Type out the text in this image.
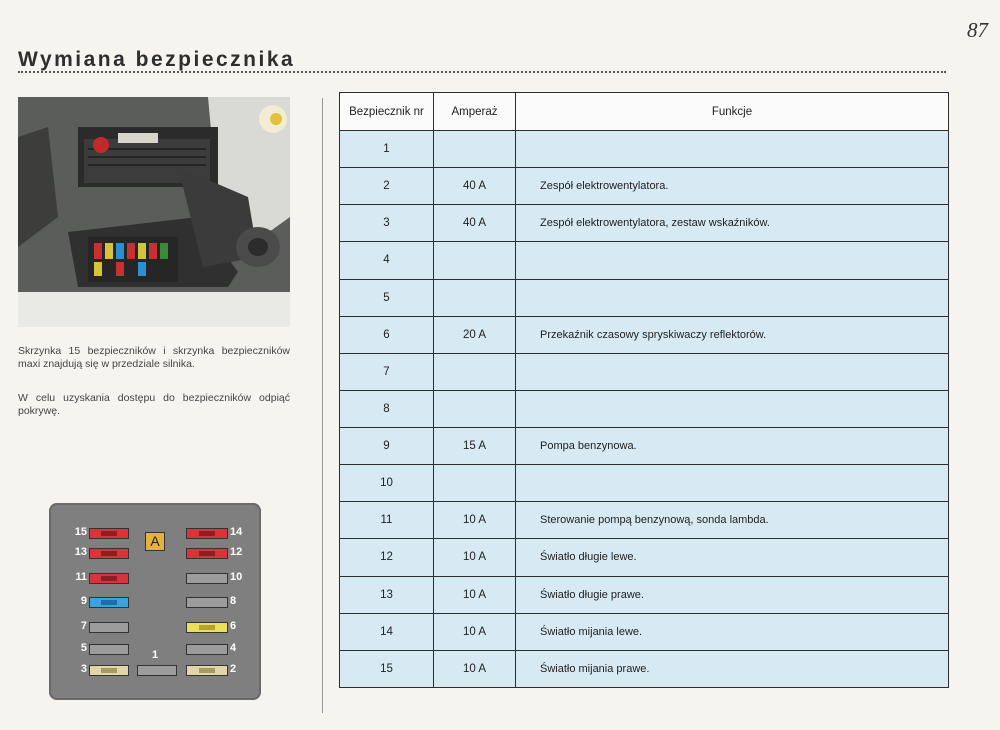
87
Wymiana bezpiecznika
Skrzynka 15 bezpieczników i skrzynka bezpieczników maxi znajdują się w przedziale silnika.
W celu uzyskania dostępu do bezpieczników odpiąć pokrywę.
A
1
15
13
11
9
7
5
3
14
12
10
8
6
4
2
Bezpiecznik nr	Amperaż	Funkcje
1		
2	40 A	Zespół elektrowentylatora.
3	40 A	Zespół elektrowentylatora, zestaw wskaźników.
4		
5		
6	20 A	Przekaźnik czasowy spryskiwaczy reflektorów.
7		
8		
9	15 A	Pompa benzynowa.
10		
11	10 A	Sterowanie pompą benzynową, sonda lambda.
12	10 A	Światło długie lewe.
13	10 A	Światło długie prawe.
14	10 A	Światło mijania lewe.
15	10 A	Światło mijania prawe.
